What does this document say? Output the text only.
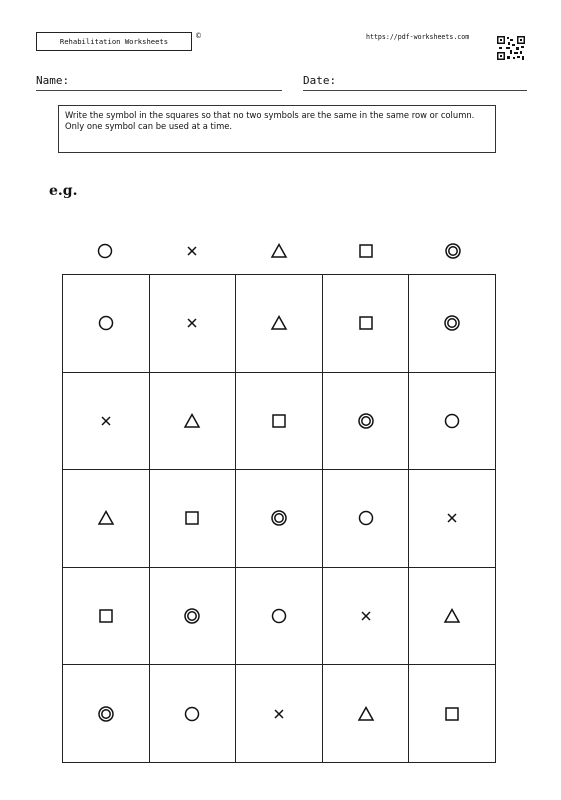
Rehabilitation Worksheets
©	https://pdf-worksheets.com
Name:	Date:

Write the symbol in the squares so that no two symbols are the same in the same row or column.

Only one symbol can be used at a time.

e.g.
